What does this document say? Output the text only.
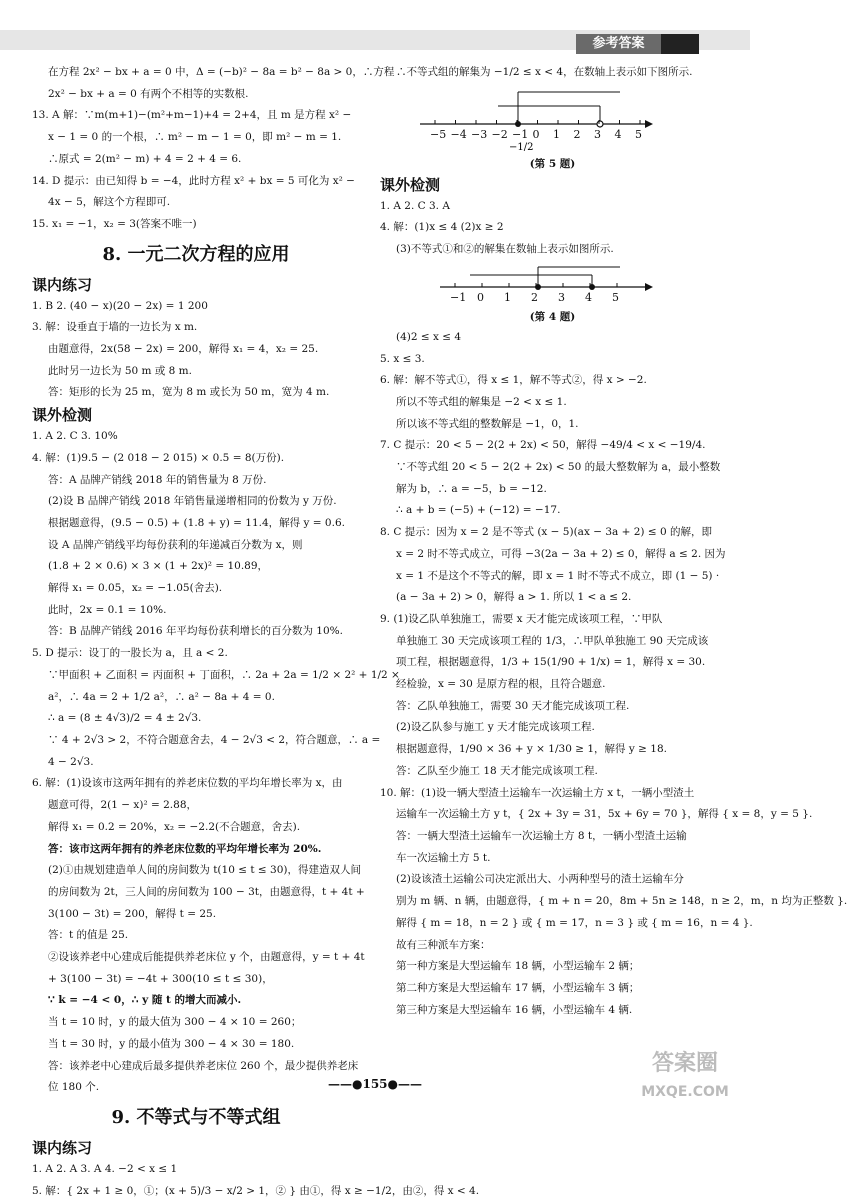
参考答案
在方程 2x² − bx + a = 0 中，Δ = (−b)² − 8a = b² − 8a > 0，∴方程
2x² − bx + a = 0 有两个不相等的实数根.
13. A 解：∵m(m+1)−(m²+m−1)+4 = 2+4，且 m 是方程 x² −
x − 1 = 0 的一个根，∴ m² − m − 1 = 0，即 m² − m = 1.
∴原式 = 2(m² − m) + 4 = 2 + 4 = 6.
14. D 提示：由已知得 b = −4，此时方程 x² + bx = 5 可化为 x² −
4x − 5，解这个方程即可.
15. x₁ = −1，x₂ = 3(答案不唯一)
8. 一元二次方程的应用
课内练习
1. B 2. (40 − x)(20 − 2x) = 1 200
3. 解：设垂直于墙的一边长为 x m.
由题意得，2x(58 − 2x) = 200，解得 x₁ = 4，x₂ = 25.
此时另一边长为 50 m 或 8 m.
答：矩形的长为 25 m，宽为 8 m 或长为 50 m，宽为 4 m.
课外检测
1. A 2. C 3. 10%
4. 解：(1)9.5 − (2 018 − 2 015) × 0.5 = 8(万份).
答：A 品牌产销线 2018 年的销售量为 8 万份.
(2)设 B 品牌产销线 2018 年销售量递增相同的份数为 y 万份.
根据题意得，(9.5 − 0.5) + (1.8 + y) = 11.4，解得 y = 0.6.
设 A 品牌产销线平均每份获利的年递减百分数为 x，则
(1.8 + 2 × 0.6) × 3 × (1 + 2x)² = 10.89，
解得 x₁ = 0.05，x₂ = −1.05(舍去).
此时，2x = 0.1 = 10%.
答：B 品牌产销线 2016 年平均每份获利增长的百分数为 10%.
5. D 提示：设丁的一股长为 a，且 a < 2.
∵甲面积 + 乙面积 = 丙面积 + 丁面积，∴ 2a + 2a = 1/2 × 2² + 1/2 ×
a²，∴ 4a = 2 + 1/2 a²，∴ a² − 8a + 4 = 0.
∴ a = (8 ± 4√3)/2 = 4 ± 2√3.
∵ 4 + 2√3 > 2，不符合题意舍去，4 − 2√3 < 2，符合题意，∴ a =
4 − 2√3.
6. 解：(1)设该市这两年拥有的养老床位数的平均年增长率为 x，由
题意可得，2(1 − x)² = 2.88，
解得 x₁ = 0.2 = 20%，x₂ = −2.2(不合题意，舍去).
答：该市这两年拥有的养老床位数的平均年增长率为 20%.
(2)①由规划建造单人间的房间数为 t(10 ≤ t ≤ 30)，得建造双人间
的房间数为 2t，三人间的房间数为 100 − 3t，由题意得，t + 4t +
3(100 − 3t) = 200，解得 t = 25.
答：t 的值是 25.
②设该养老中心建成后能提供养老床位 y 个，由题意得，y = t + 4t
+ 3(100 − 3t) = −4t + 300(10 ≤ t ≤ 30)，
∵ k = −4 < 0，∴ y 随 t 的增大而减小.
当 t = 10 时，y 的最大值为 300 − 4 × 10 = 260；
当 t = 30 时，y 的最小值为 300 − 4 × 30 = 180.
答：该养老中心建成后最多提供养老床位 260 个，最少提供养老床
位 180 个.
9. 不等式与不等式组
课内练习
1. A 2. A 3. A 4. −2 < x ≤ 1
5. 解：{ 2x + 1 ≥ 0，①；(x + 5)/3 − x/2 > 1，② } 由①，得 x ≥ −1/2，由②，得 x < 4.
∴不等式组的解集为 −1/2 ≤ x < 4，在数轴上表示如下图所示.
−5 −4 −3 −2 −1 0 1 2 3 4 5
−1/2
(第 5 题)
课外检测
1. A 2. C 3. A
4. 解：(1)x ≤ 4 (2)x ≥ 2
(3)不等式①和②的解集在数轴上表示如图所示.
−1 0 1 2 3 4 5
(第 4 题)
(4)2 ≤ x ≤ 4
5. x ≤ 3.
6. 解：解不等式①，得 x ≤ 1，解不等式②，得 x > −2.
所以不等式组的解集是 −2 < x ≤ 1.
所以该不等式组的整数解是 −1，0，1.
7. C 提示：20 < 5 − 2(2 + 2x) < 50，解得 −49/4 < x < −19/4.
∵不等式组 20 < 5 − 2(2 + 2x) < 50 的最大整数解为 a，最小整数
解为 b，∴ a = −5，b = −12.
∴ a + b = (−5) + (−12) = −17.
8. C 提示：因为 x = 2 是不等式 (x − 5)(ax − 3a + 2) ≤ 0 的解，即
x = 2 时不等式成立，可得 −3(2a − 3a + 2) ≤ 0，解得 a ≤ 2. 因为
x = 1 不是这个不等式的解，即 x = 1 时不等式不成立，即 (1 − 5) ·
(a − 3a + 2) > 0，解得 a > 1. 所以 1 < a ≤ 2.
9. (1)设乙队单独施工，需要 x 天才能完成该项工程，∵甲队
单独施工 30 天完成该项工程的 1/3，∴甲队单独施工 90 天完成该
项工程，根据题意得，1/3 + 15(1/90 + 1/x) = 1，解得 x = 30.
经检验，x = 30 是原方程的根，且符合题意.
答：乙队单独施工，需要 30 天才能完成该项工程.
(2)设乙队参与施工 y 天才能完成该项工程.
根据题意得，1/90 × 36 + y × 1/30 ≥ 1，解得 y ≥ 18.
答：乙队至少施工 18 天才能完成该项工程.
10. 解：(1)设一辆大型渣土运输车一次运输土方 x t，一辆小型渣土
运输车一次运输土方 y t，{ 2x + 3y = 31，5x + 6y = 70 }，解得 { x = 8，y = 5 }.
答：一辆大型渣土运输车一次运输土方 8 t，一辆小型渣土运输
车一次运输土方 5 t.
(2)设该渣土运输公司决定派出大、小两种型号的渣土运输车分
别为 m 辆、n 辆，由题意得，{ m + n = 20，8m + 5n ≥ 148，n ≥ 2，m，n 均为正整数 }.
解得 { m = 18，n = 2 } 或 { m = 17，n = 3 } 或 { m = 16，n = 4 }.
故有三种派车方案：
第一种方案是大型运输车 18 辆，小型运输车 2 辆；
第二种方案是大型运输车 17 辆，小型运输车 3 辆；
第三种方案是大型运输车 16 辆，小型运输车 4 辆.
——●155●——
答案圈
MXQE.COM
